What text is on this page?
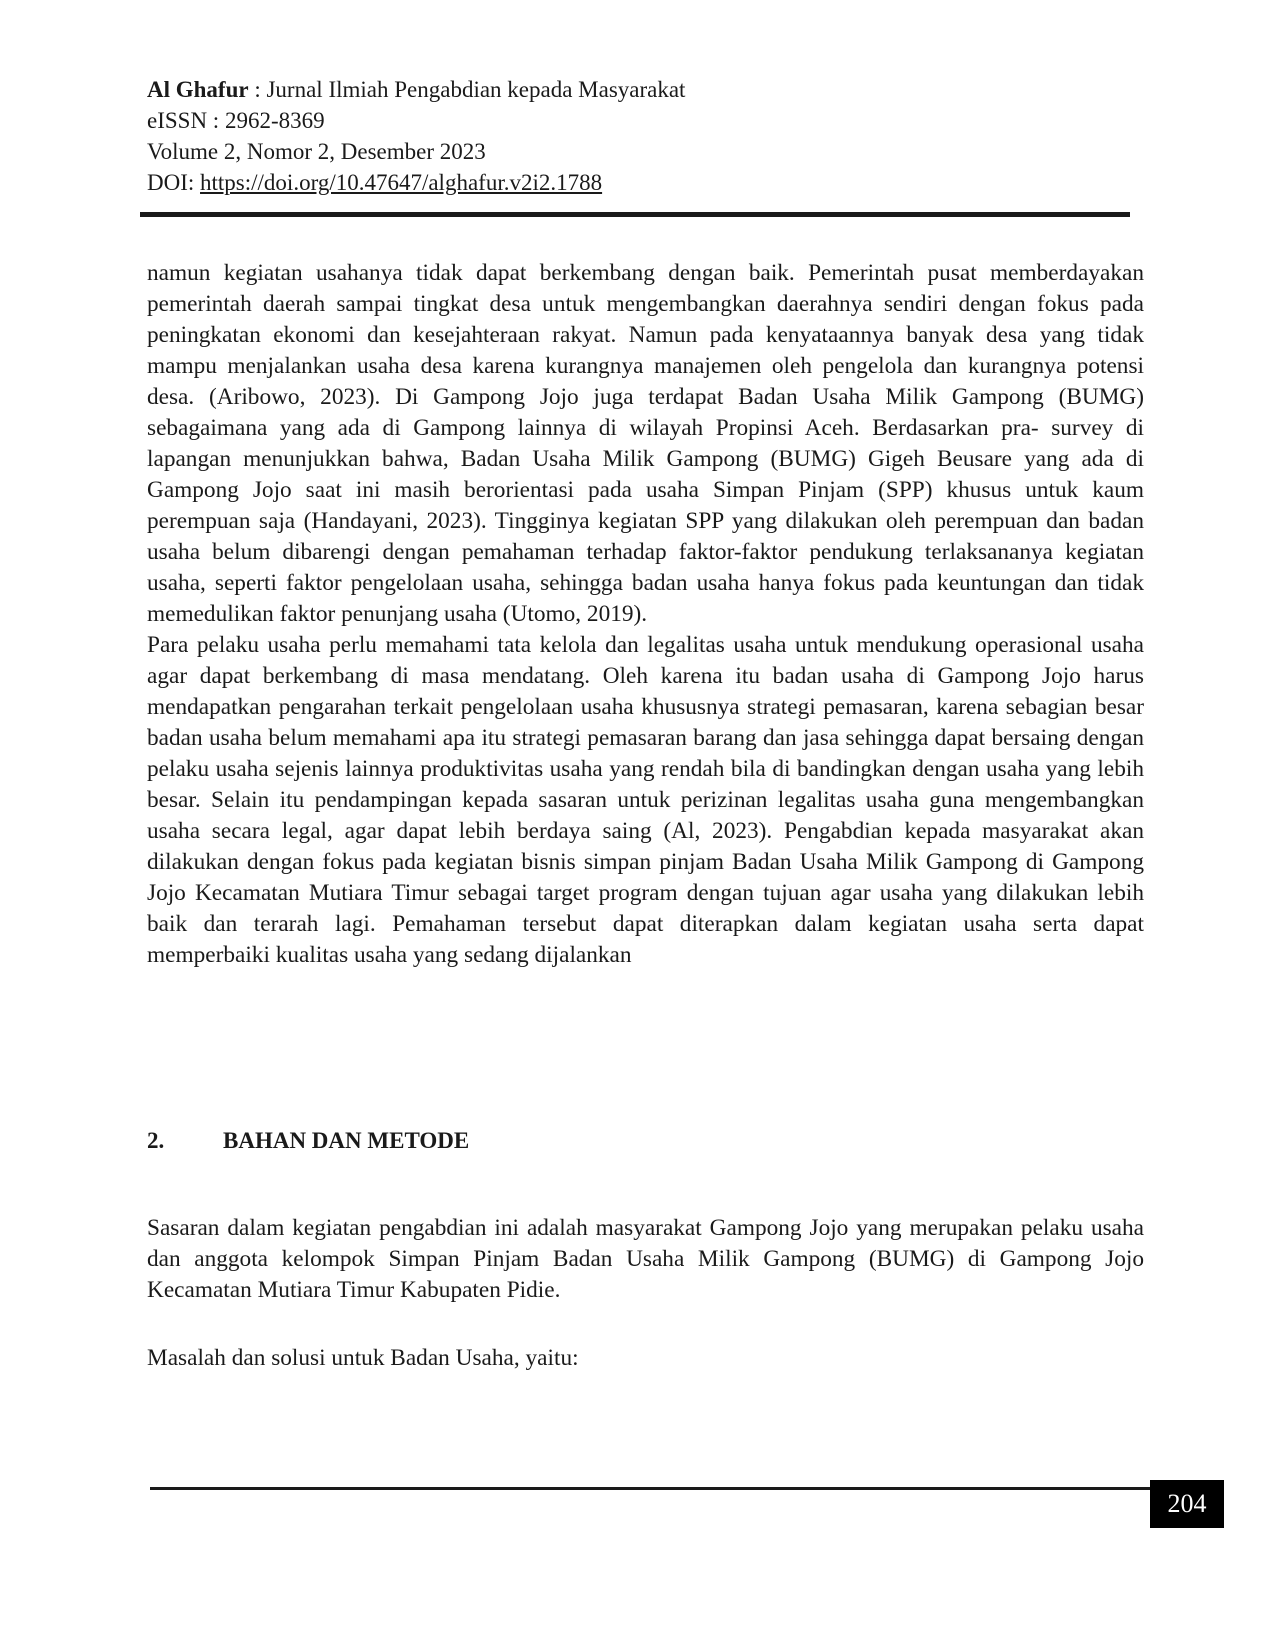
Al Ghafur : Jurnal Ilmiah Pengabdian kepada Masyarakat
eISSN : 2962-8369
Volume 2, Nomor 2, Desember 2023
DOI: https://doi.org/10.47647/alghafur.v2i2.1788

namun kegiatan usahanya tidak dapat berkembang dengan baik. Pemerintah pusat memberdayakan pemerintah daerah sampai tingkat desa untuk mengembangkan daerahnya sendiri dengan fokus pada peningkatan ekonomi dan kesejahteraan rakyat. Namun pada kenyataannya banyak desa yang tidak mampu menjalankan usaha desa karena kurangnya manajemen oleh pengelola dan kurangnya potensi desa. (Aribowo, 2023). Di Gampong Jojo juga terdapat Badan Usaha Milik Gampong (BUMG) sebagaimana yang ada di Gampong lainnya di wilayah Propinsi Aceh. Berdasarkan pra- survey di lapangan menunjukkan bahwa, Badan Usaha Milik Gampong (BUMG) Gigeh Beusare yang ada di Gampong Jojo saat ini masih berorientasi pada usaha Simpan Pinjam (SPP) khusus untuk kaum perempuan saja (Handayani, 2023). Tingginya kegiatan SPP yang dilakukan oleh perempuan dan badan usaha belum dibarengi dengan pemahaman terhadap faktor-faktor pendukung terlaksananya kegiatan usaha, seperti faktor pengelolaan usaha, sehingga badan usaha hanya fokus pada keuntungan dan tidak memedulikan faktor penunjang usaha (Utomo, 2019).

Para pelaku usaha perlu memahami tata kelola dan legalitas usaha untuk mendukung operasional usaha agar dapat berkembang di masa mendatang. Oleh karena itu badan usaha di Gampong Jojo harus mendapatkan pengarahan terkait pengelolaan usaha khususnya strategi pemasaran, karena sebagian besar badan usaha belum memahami apa itu strategi pemasaran barang dan jasa sehingga dapat bersaing dengan pelaku usaha sejenis lainnya produktivitas usaha yang rendah bila di bandingkan dengan usaha yang lebih besar. Selain itu pendampingan kepada sasaran untuk perizinan legalitas usaha guna mengembangkan usaha secara legal, agar dapat lebih berdaya saing (Al, 2023). Pengabdian kepada masyarakat akan dilakukan dengan fokus pada kegiatan bisnis simpan pinjam Badan Usaha Milik Gampong di Gampong Jojo Kecamatan Mutiara Timur sebagai target program dengan tujuan agar usaha yang dilakukan lebih baik dan terarah lagi. Pemahaman tersebut dapat diterapkan dalam kegiatan usaha serta dapat memperbaiki kualitas usaha yang sedang dijalankan

2.	BAHAN DAN METODE

Sasaran dalam kegiatan pengabdian ini adalah masyarakat Gampong Jojo yang merupakan pelaku usaha dan anggota kelompok Simpan Pinjam Badan Usaha Milik Gampong (BUMG) di Gampong Jojo Kecamatan Mutiara Timur Kabupaten Pidie.

Masalah dan solusi untuk Badan Usaha, yaitu:
204
